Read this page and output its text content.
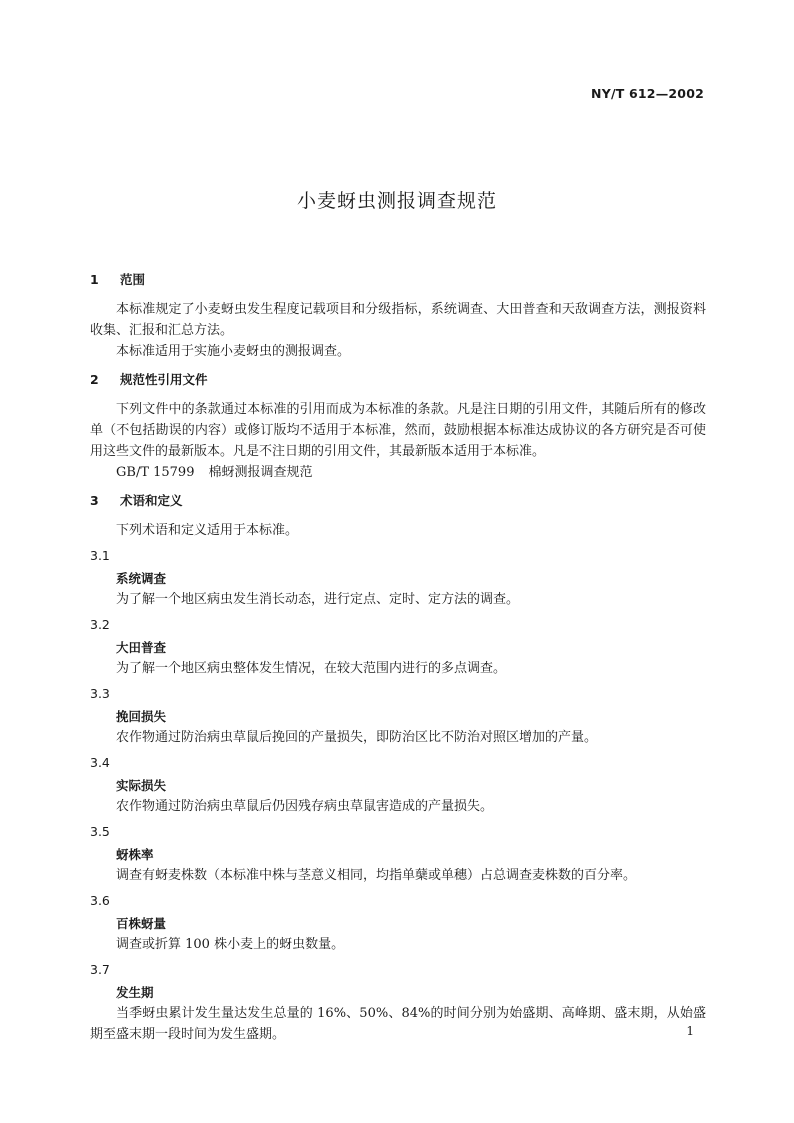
NY/T 612—2002
小麦蚜虫测报调查规范
1 范围

本标准规定了小麦蚜虫发生程度记载项目和分级指标，系统调查、大田普查和天敌调查方法，测报资料收集、汇报和汇总方法。

本标准适用于实施小麦蚜虫的测报调查。

2 规范性引用文件

下列文件中的条款通过本标准的引用而成为本标准的条款。凡是注日期的引用文件，其随后所有的修改单（不包括勘误的内容）或修订版均不适用于本标准，然而，鼓励根据本标准达成协议的各方研究是否可使用这些文件的最新版本。凡是不注日期的引用文件，其最新版本适用于本标准。

GB/T 15799 棉蚜测报调查规范
3 术语和定义

下列术语和定义适用于本标准。

3.1
系统调查
为了解一个地区病虫发生消长动态，进行定点、定时、定方法的调查。
3.2
大田普查
为了解一个地区病虫整体发生情况，在较大范围内进行的多点调查。
3.3
挽回损失
农作物通过防治病虫草鼠后挽回的产量损失，即防治区比不防治对照区增加的产量。
3.4
实际损失
农作物通过防治病虫草鼠后仍因残存病虫草鼠害造成的产量损失。
3.5
蚜株率
调查有蚜麦株数（本标准中株与茎意义相同，均指单蘖或单穗）占总调查麦株数的百分率。
3.6
百株蚜量
调查或折算 100 株小麦上的蚜虫数量。
3.7
发生期
当季蚜虫累计发生量达发生总量的 16%、50%、84%的时间分别为始盛期、高峰期、盛末期，从始盛期至盛末期一段时间为发生盛期。	1
